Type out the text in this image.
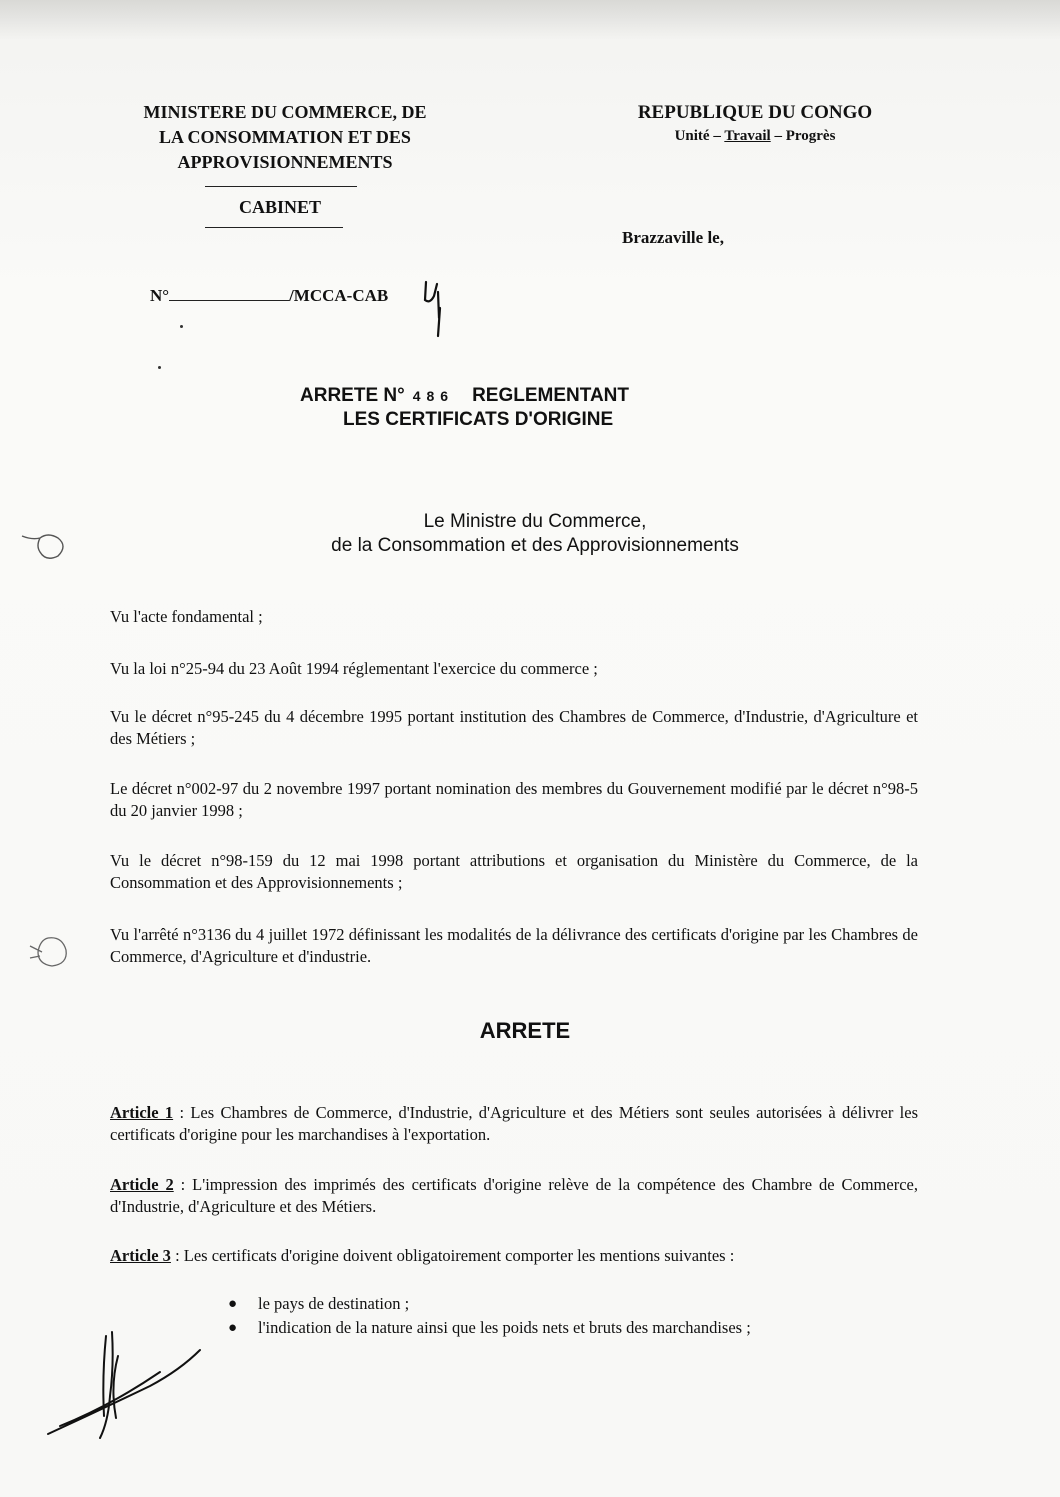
MINISTERE DU COMMERCE, DE
LA CONSOMMATION ET DES
APPROVISIONNEMENTS
CABINET
REPUBLIQUE DU CONGO
Unité – Travail – Progrès
Brazzaville le,
N°	/MCCA-CAB
ARRETE N° 486 REGLEMENTANT
LES CERTIFICATS D'ORIGINE
Le Ministre du Commerce,
de la Consommation et des Approvisionnements
Vu l'acte fondamental ;
Vu la loi n°25-94 du 23 Août 1994 réglementant l'exercice du commerce ;
Vu le décret n°95-245 du 4 décembre 1995 portant institution des Chambres de Commerce, d'Industrie, d'Agriculture et des Métiers ;
Le décret n°002-97 du 2 novembre 1997 portant nomination des membres du Gouvernement modifié par le décret n°98-5 du 20 janvier 1998 ;
Vu le décret n°98-159 du 12 mai 1998 portant attributions et organisation du Ministère du Commerce, de la Consommation et des Approvisionnements ;
Vu l'arrêté n°3136 du 4 juillet 1972 définissant les modalités de la délivrance des certificats d'origine par les Chambres de Commerce, d'Agriculture et d'industrie.
ARRETE
Article 1 : Les Chambres de Commerce, d'Industrie, d'Agriculture et des Métiers sont seules autorisées à délivrer les certificats d'origine pour les marchandises à l'exportation.
Article 2 : L'impression des imprimés des certificats d'origine relève de la compétence des Chambre de Commerce, d'Industrie, d'Agriculture et des Métiers.
Article 3 : Les certificats d'origine doivent obligatoirement comporter les mentions suivantes :
● le pays de destination ;
● l'indication de la nature ainsi que les poids nets et bruts des marchandises ;
